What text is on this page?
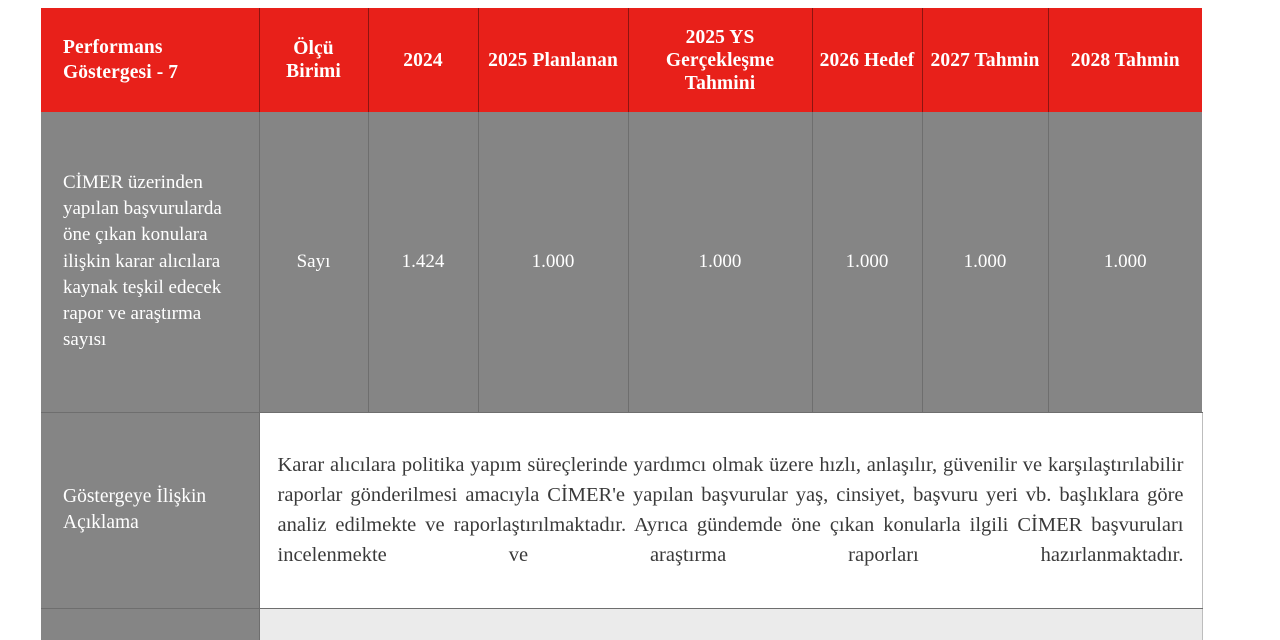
Performans Göstergesi - 7	Ölçü Birimi	2024	2025 Planlanan	2025 YS Gerçekleşme Tahmini	2026 Hedef	2027 Tahmin	2028 Tahmin
CİMER üzerinden yapılan başvurularda öne çıkan konulara ilişkin karar alıcılara kaynak teşkil edecek rapor ve araştırma sayısı	Sayı	1.424	1.000	1.000	1.000	1.000	1.000
Göstergeye İlişkin Açıklama	Karar alıcılara politika yapım süreçlerinde yardımcı olmak üzere hızlı, anlaşılır, güvenilir ve karşılaştırılabilir raporlar gönderilmesi amacıyla CİMER'e yapılan başvurular yaş, cinsiyet, başvuru yeri vb. başlıklara göre analiz edilmekte ve raporlaştırılmaktadır. Ayrıca gündemde öne çıkan konularla ilgili CİMER başvuruları incelenmekte ve araştırma raporları hazırlanmaktadır.						
